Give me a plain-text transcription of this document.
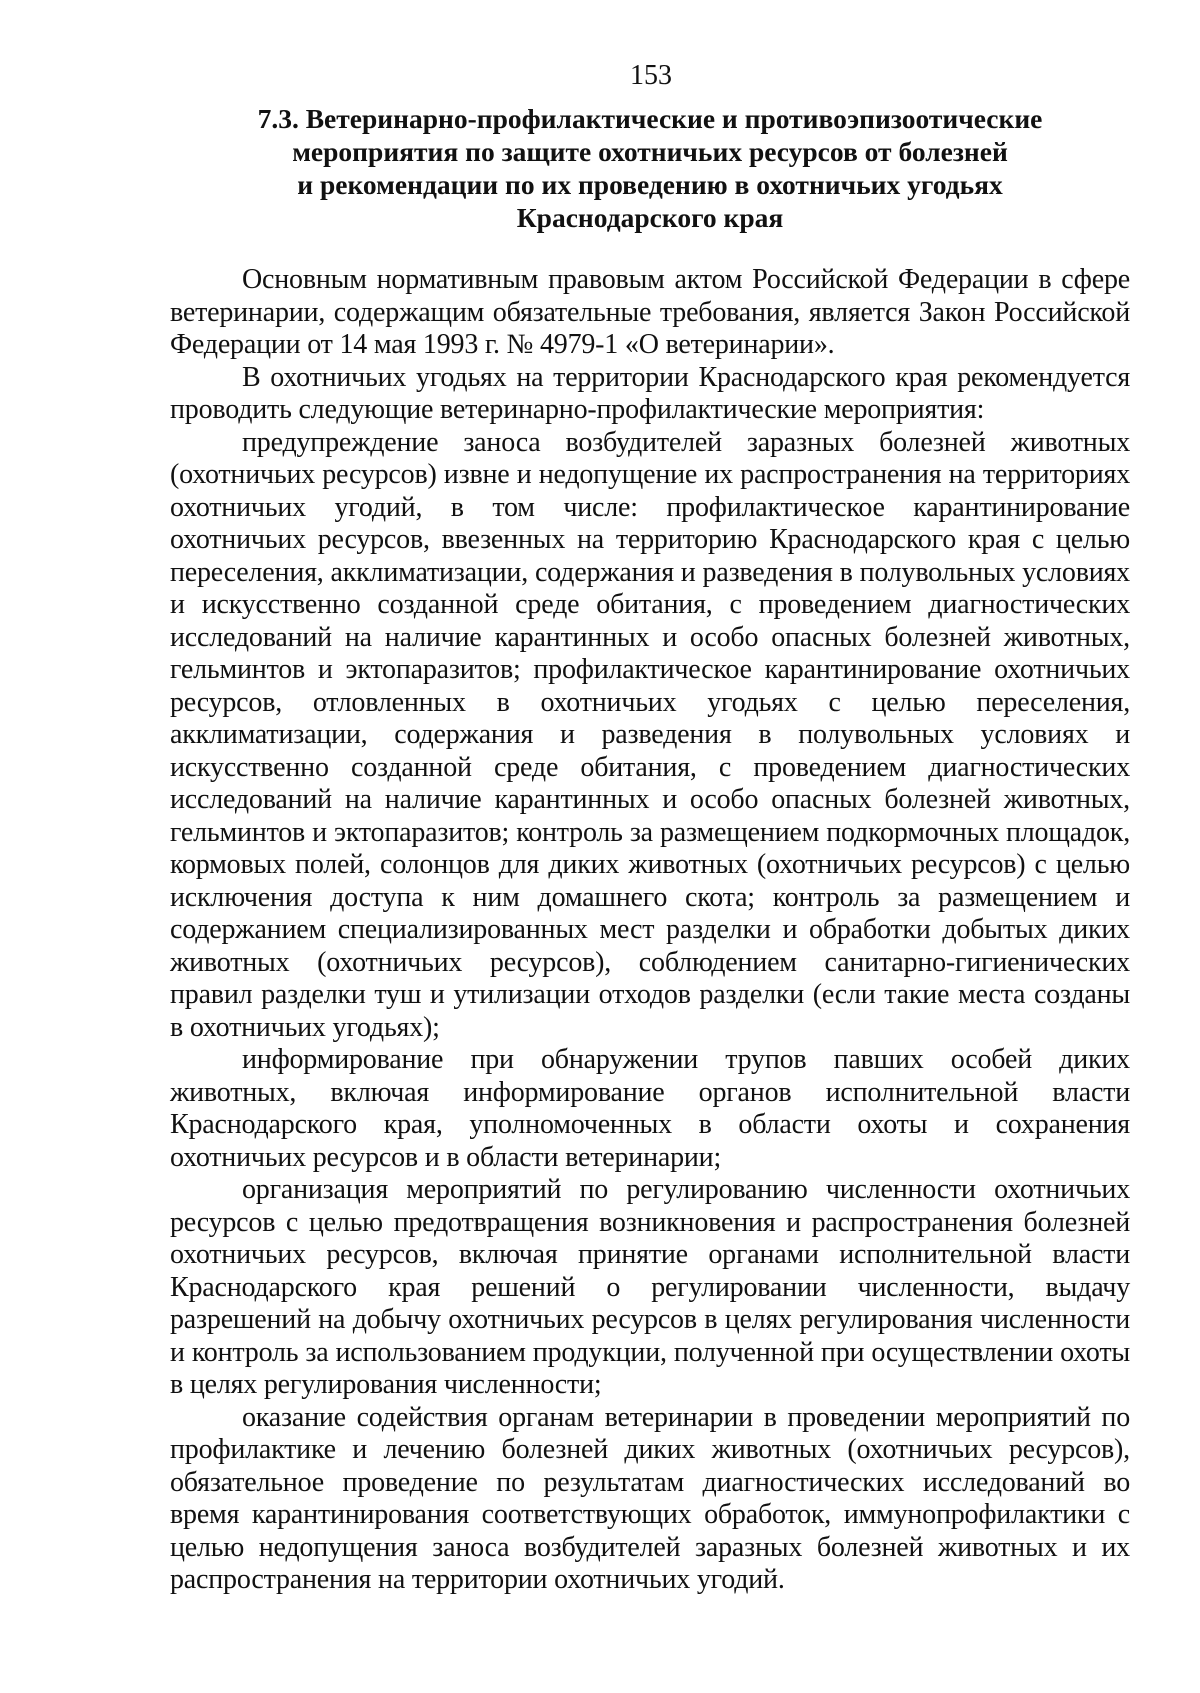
153
7.3. Ветеринарно-профилактические и противоэпизоотические
мероприятия по защите охотничьих ресурсов от болезней
и рекомендации по их проведению в охотничьих угодьях
Краснодарского края

Основным нормативным правовым актом Российской Федерации в сфере ветеринарии, содержащим обязательные требования, является Закон Российской Федерации от 14 мая 1993 г. № 4979-1 «О ветеринарии».

В охотничьих угодьях на территории Краснодарского края рекомендуется проводить следующие ветеринарно-профилактические мероприятия:

предупреждение заноса возбудителей заразных болезней животных (охотничьих ресурсов) извне и недопущение их распространения на территориях охотничьих угодий, в том числе: профилактическое карантинирование охотничьих ресурсов, ввезенных на территорию Краснодарского края с целью переселения, акклиматизации, содержания и разведения в полувольных условиях и искусственно созданной среде обитания, с проведением диагностических исследований на наличие карантинных и особо опасных болезней животных, гельминтов и эктопаразитов; профилактическое карантинирование охотничьих ресурсов, отловленных в охотничьих угодьях с целью переселения, акклиматизации, содержания и разведения в полувольных условиях и искусственно созданной среде обитания, с проведением диагностических исследований на наличие карантинных и особо опасных болезней животных, гельминтов и эктопаразитов; контроль за размещением подкормочных площадок, кормовых полей, солонцов для диких животных (охотничьих ресурсов) с целью исключения доступа к ним домашнего скота; контроль за размещением и содержанием специализированных мест разделки и обработки добытых диких животных (охотничьих ресурсов), соблюдением санитарно-гигиенических правил разделки туш и утилизации отходов разделки (если такие места созданы в охотничьих угодьях);

информирование при обнаружении трупов павших особей диких животных, включая информирование органов исполнительной власти Краснодарского края, уполномоченных в области охоты и сохранения охотничьих ресурсов и в области ветеринарии;

организация мероприятий по регулированию численности охотничьих ресурсов с целью предотвращения возникновения и распространения болезней охотничьих ресурсов, включая принятие органами исполнительной власти Краснодарского края решений о регулировании численности, выдачу разрешений на добычу охотничьих ресурсов в целях регулирования численности и контроль за использованием продукции, полученной при осуществлении охоты в целях регулирования численности;

оказание содействия органам ветеринарии в проведении мероприятий по профилактике и лечению болезней диких животных (охотничьих ресурсов), обязательное проведение по результатам диагностических исследований во время карантинирования соответствующих обработок, иммунопрофилактики с целью недопущения заноса возбудителей заразных болезней животных и их распространения на территории охотничьих угодий.
